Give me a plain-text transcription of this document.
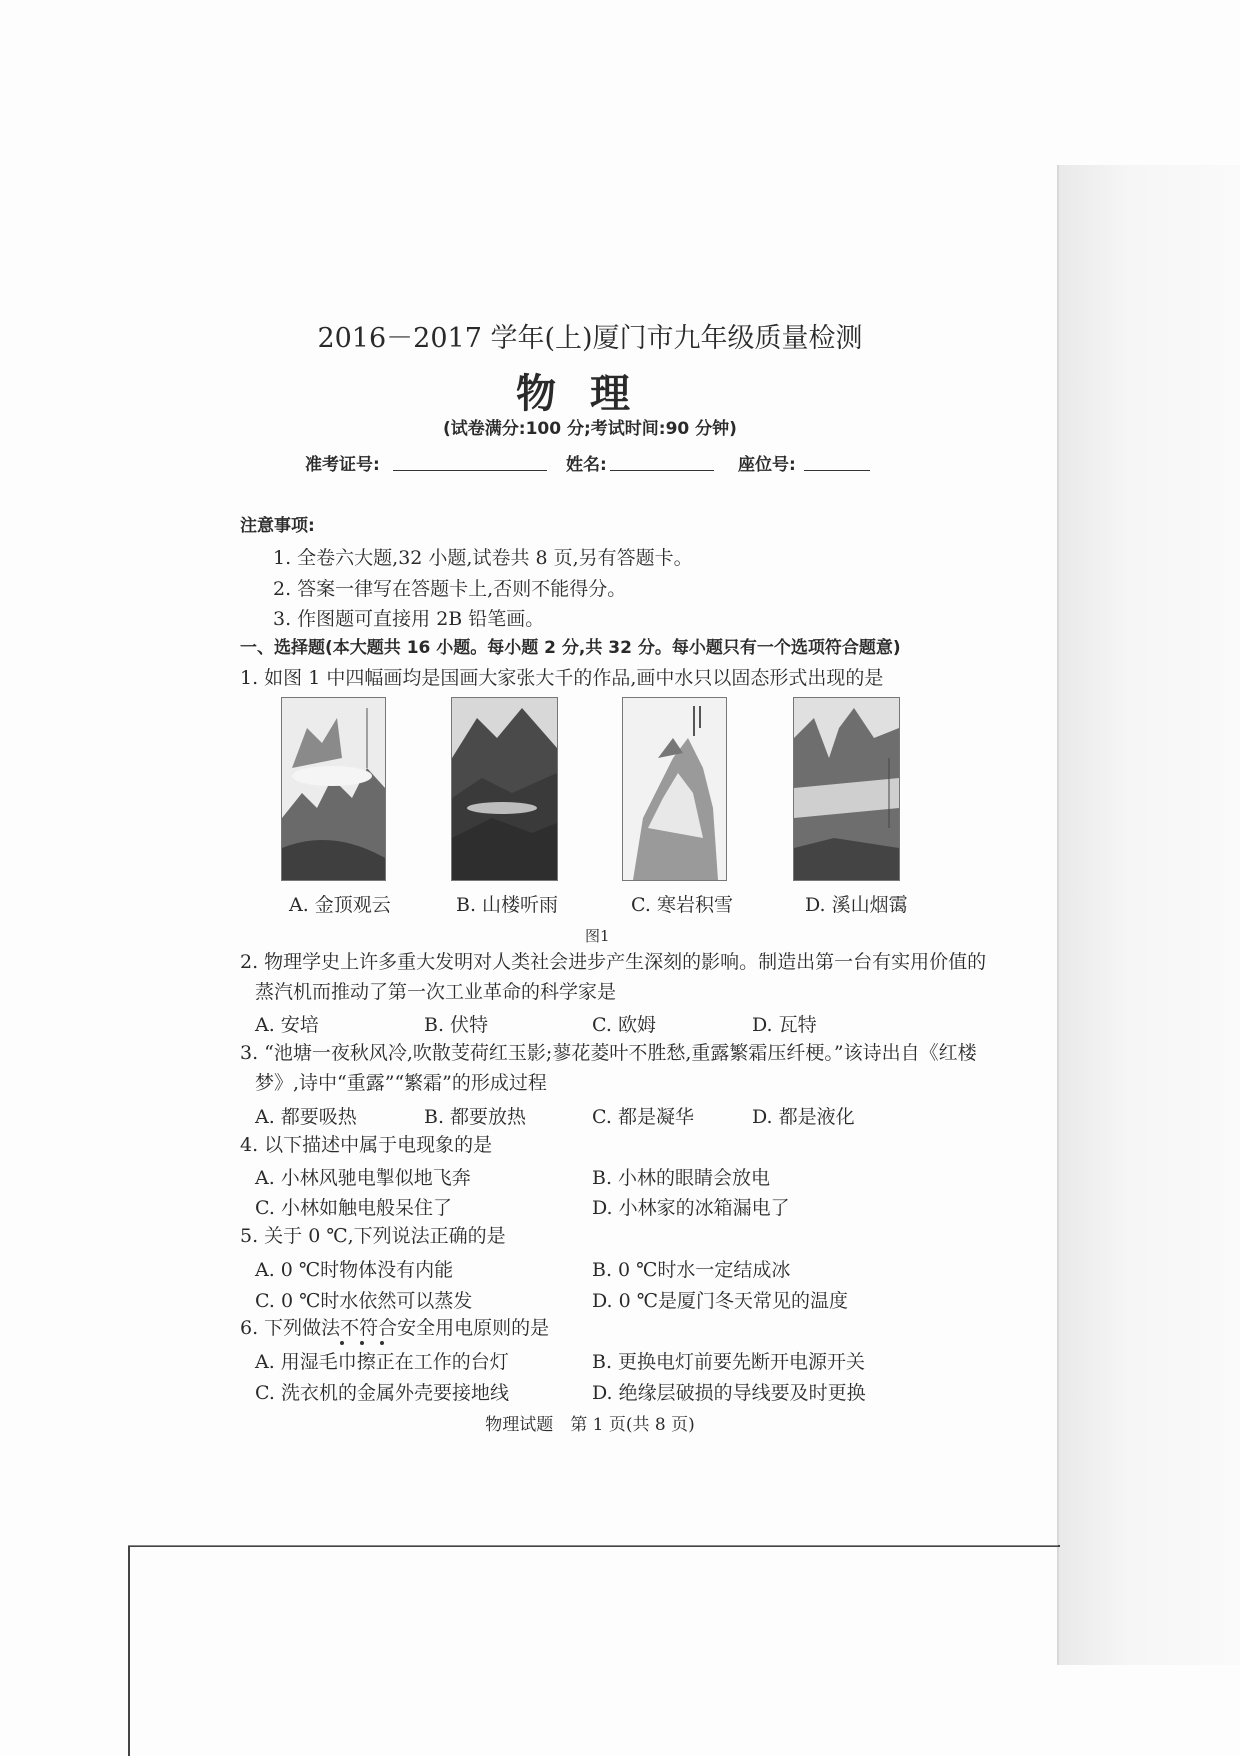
2016－2017 学年(上)厦门市九年级质量检测
物理
(试卷满分:100 分;考试时间:90 分钟)
准考证号:	姓名:	座位号:
注意事项:
1. 全卷六大题,32 小题,试卷共 8 页,另有答题卡。
2. 答案一律写在答题卡上,否则不能得分。
3. 作图题可直接用 2B 铅笔画。
一、选择题(本大题共 16 小题。每小题 2 分,共 32 分。每小题只有一个选项符合题意)
1. 如图 1 中四幅画均是国画大家张大千的作品,画中水只以固态形式出现的是
A. 金顶观云	B. 山楼听雨	C. 寒岩积雪	D. 溪山烟霭
图1
2. 物理学史上许多重大发明对人类社会进步产生深刻的影响。制造出第一台有实用价值的
蒸汽机而推动了第一次工业革命的科学家是
A. 安培	B. 伏特	C. 欧姆	D. 瓦特
3. “池塘一夜秋风冷,吹散芰荷红玉影;蓼花菱叶不胜愁,重露繁霜压纤梗。”该诗出自《红楼
梦》,诗中“重露”“繁霜”的形成过程
A. 都要吸热	B. 都要放热	C. 都是凝华	D. 都是液化
4. 以下描述中属于电现象的是
A. 小林风驰电掣似地飞奔	B. 小林的眼睛会放电
C. 小林如触电般呆住了	D. 小林家的冰箱漏电了
5. 关于 0 ℃,下列说法正确的是
A. 0 ℃时物体没有内能	B. 0 ℃时水一定结成冰
C. 0 ℃时水依然可以蒸发	D. 0 ℃是厦门冬天常见的温度
6. 下列做法不符合安全用电原则的是
A. 用湿毛巾擦正在工作的台灯	B. 更换电灯前要先断开电源开关
C. 洗衣机的金属外壳要接地线	D. 绝缘层破损的导线要及时更换
物理试题　第 1 页(共 8 页)
